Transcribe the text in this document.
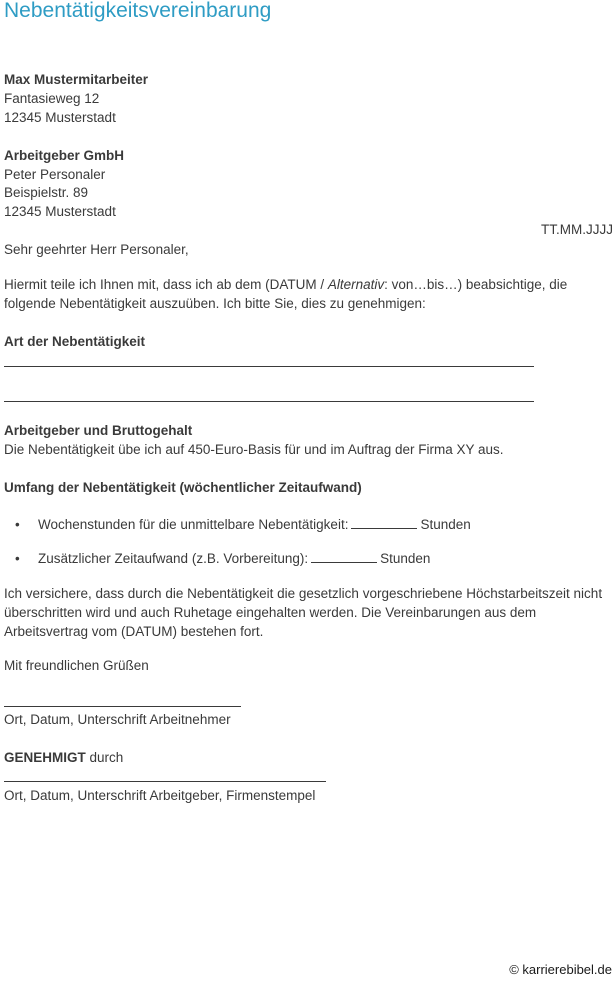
Nebentätigkeitsvereinbarung
Max Mustermitarbeiter
Fantasieweg 12
12345 Musterstadt
Arbeitgeber GmbH
Peter Personaler
Beispielstr. 89
12345 Musterstadt
TT.MM.JJJJ
Sehr geehrter Herr Personaler,
Hiermit teile ich Ihnen mit, dass ich ab dem (DATUM / Alternativ: von…bis…) beabsichtige, die folgende Nebentätigkeit auszuüben. Ich bitte Sie, dies zu genehmigen:
Art der Nebentätigkeit
Arbeitgeber und Bruttogehalt
Die Nebentätigkeit übe ich auf 450-Euro-Basis für und im Auftrag der Firma XY aus.
Umfang der Nebentätigkeit (wöchentlicher Zeitaufwand)
• Wochenstunden für die unmittelbare Nebentätigkeit:	Stunden
• Zusätzlicher Zeitaufwand (z.B. Vorbereitung):	Stunden
Ich versichere, dass durch die Nebentätigkeit die gesetzlich vorgeschriebene Höchstarbeitszeit nicht überschritten wird und auch Ruhetage eingehalten werden. Die Vereinbarungen aus dem Arbeitsvertrag vom (DATUM) bestehen fort.
Mit freundlichen Grüßen
Ort, Datum, Unterschrift Arbeitnehmer
GENEHMIGT durch
Ort, Datum, Unterschrift Arbeitgeber, Firmenstempel
© karrierebibel.de
